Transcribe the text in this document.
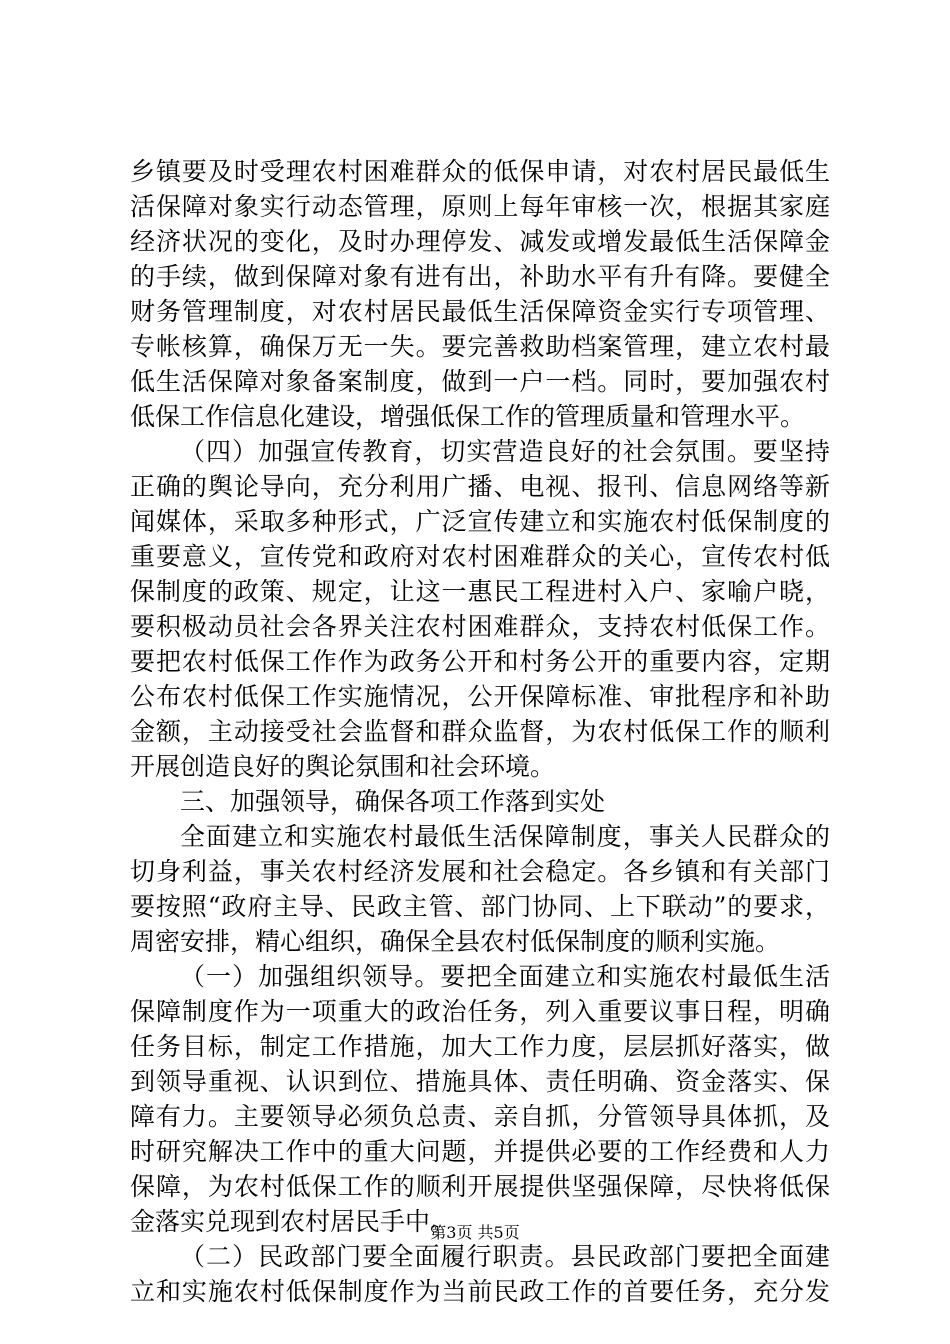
乡镇要及时受理农村困难群众的低保申请，对农村居民最低生
活保障对象实行动态管理，原则上每年审核一次，根据其家庭
经济状况的变化，及时办理停发、减发或增发最低生活保障金
的手续，做到保障对象有进有出，补助水平有升有降。要健全
财务管理制度，对农村居民最低生活保障资金实行专项管理、
专帐核算，确保万无一失。要完善救助档案管理，建立农村最
低生活保障对象备案制度，做到一户一档。同时，要加强农村
低保工作信息化建设，增强低保工作的管理质量和管理水平。
（四）加强宣传教育，切实营造良好的社会氛围。要坚持
正确的舆论导向，充分利用广播、电视、报刊、信息网络等新
闻媒体，采取多种形式，广泛宣传建立和实施农村低保制度的
重要意义，宣传党和政府对农村困难群众的关心，宣传农村低
保制度的政策、规定，让这一惠民工程进村入户、家喻户晓，
要积极动员社会各界关注农村困难群众，支持农村低保工作。
要把农村低保工作作为政务公开和村务公开的重要内容，定期
公布农村低保工作实施情况，公开保障标准、审批程序和补助
金额，主动接受社会监督和群众监督，为农村低保工作的顺利
开展创造良好的舆论氛围和社会环境。
三、加强领导，确保各项工作落到实处
全面建立和实施农村最低生活保障制度，事关人民群众的
切身利益，事关农村经济发展和社会稳定。各乡镇和有关部门
要按照“政府主导、民政主管、部门协同、上下联动”的要求，
周密安排，精心组织，确保全县农村低保制度的顺利实施。
（一）加强组织领导。要把全面建立和实施农村最低生活
保障制度作为一项重大的政治任务，列入重要议事日程，明确
任务目标，制定工作措施，加大工作力度，层层抓好落实，做
到领导重视、认识到位、措施具体、责任明确、资金落实、保
障有力。主要领导必须负总责、亲自抓，分管领导具体抓，及
时研究解决工作中的重大问题，并提供必要的工作经费和人力
保障，为农村低保工作的顺利开展提供坚强保障，尽快将低保
金落实兑现到农村居民手中。
（二）民政部门要全面履行职责。县民政部门要把全面建
立和实施农村低保制度作为当前民政工作的首要任务，充分发
第3页 共5页
